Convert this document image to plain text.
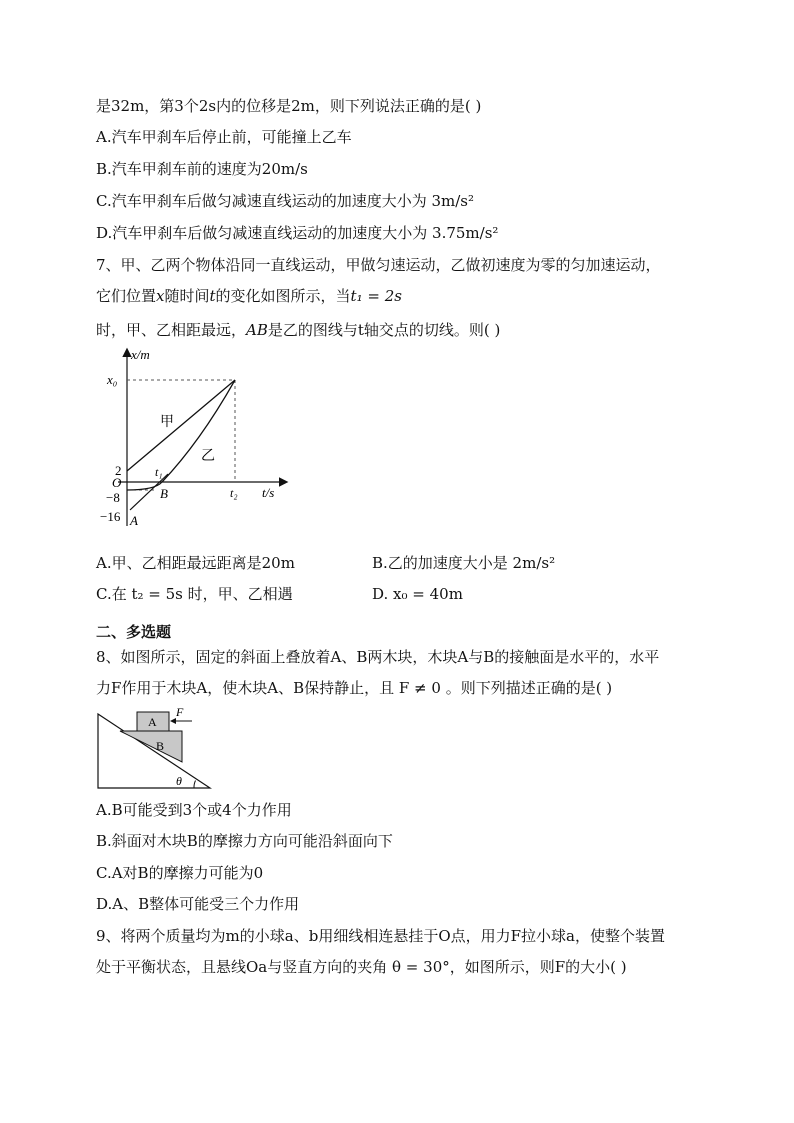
是32m，第3个2s内的位移是2m，则下列说法正确的是( )
A.汽车甲刹车后停止前，可能撞上乙车
B.汽车甲刹车前的速度为20m/s
C.汽车甲刹车后做匀减速直线运动的加速度大小为 3m/s²
D.汽车甲刹车后做匀减速直线运动的加速度大小为 3.75m/s²
7、甲、乙两个物体沿同一直线运动，甲做匀速运动，乙做初速度为零的匀加速运动，
它们位置x随时间t的变化如图所示，当t₁ = 2s
时，甲、乙相距最远，AB是乙的图线与t轴交点的切线。则( )
x/m
x₀
甲
乙
2	t₁
O
−8	B	t₂ t/s
−16 A
A.甲、乙相距最远距离是20m	B.乙的加速度大小是 2m/s²
C.在 t₂ = 5s 时，甲、乙相遇	D. x₀ = 40m
二、多选题
8、如图所示，固定的斜面上叠放着A、B两木块，木块A与B的接触面是水平的，水平
力F作用于木块A，使木块A、B保持静止，且 F ≠ 0 。则下列描述正确的是( )
A
B
F
θ
A.B可能受到3个或4个力作用
B.斜面对木块B的摩擦力方向可能沿斜面向下
C.A对B的摩擦力可能为0
D.A、B整体可能受三个力作用
9、将两个质量均为m的小球a、b用细线相连悬挂于O点，用力F拉小球a，使整个装置
处于平衡状态，且悬线Oa与竖直方向的夹角 θ = 30°，如图所示，则F的大小( )
